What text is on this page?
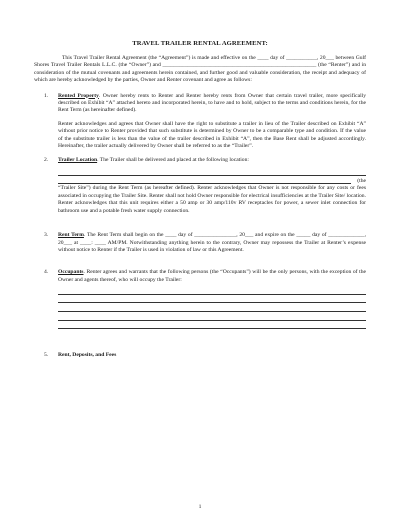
TRAVEL TRAILER RENTAL AGREEMENT:

This Travel Trailer Rental Agreement (the “Agreement”) is made and effective on the ____ day of ___________, 20___ between Gulf Shores Travel Trailer Rentals L.L.C. (the “Owner”) and _______________________________________________________ (the “Renter”) and in consideration of the mutual covenants and agreements herein contained, and further good and valuable consideration, the receipt and adequacy of which are hereby acknowledged by the parties, Owner and Renter covenant and agree as follows:

1. Rented Property. Owner hereby rents to Renter and Renter hereby rents from Owner that certain travel trailer, more specifically described on Exhibit “A” attached hereto and incorporated herein, to have and to hold, subject to the terms and conditions herein, for the Rent Term (as hereinafter defined).

Renter acknowledges and agrees that Owner shall have the right to substitute a trailer in lieu of the Trailer described on Exhibit “A” without prior notice to Renter provided that such substitute is determined by Owner to be a comparable type and condition. If the value of the substitute trailer is less than the value of the trailer described in Exhibit “A”, then the Base Rent shall be adjusted accordingly. Hereinafter, the trailer actually delivered by Owner shall be referred to as the “Trailer”.

2. Trailer Location. The Trailer shall be delivered and placed at the following location:

(the

“Trailer Site”) during the Rent Term (as hereafter defined). Renter acknowledges that Owner is not responsible for any costs or fees associated in occupying the Trailer Site. Renter shall not hold Owner responsible for electrical insufficiencies at the Trailer Site/ location. Renter acknowledges that this unit requires either a 50 amp or 30 amp/110v RV receptacles for power, a sewer inlet connection for bathroom use and a potable fresh water supply connection.

3. Rent Term. The Rent Term shall begin on the ____ day of _______________, 20___ and expire on the _____ day of _____________, 20___ at ____: ____ AM/PM. Notwithstanding anything herein to the contrary, Owner may repossess the Trailer at Renter’s expense without notice to Renter if the Trailer is used in violation of law or this Agreement.

4. Occupants. Renter agrees and warrants that the following persons (the “Occupants”) will be the only persons, with the exception of the Owner and agents thereof, who will occupy the Trailer:

5. Rent, Deposits, and Fees

1
